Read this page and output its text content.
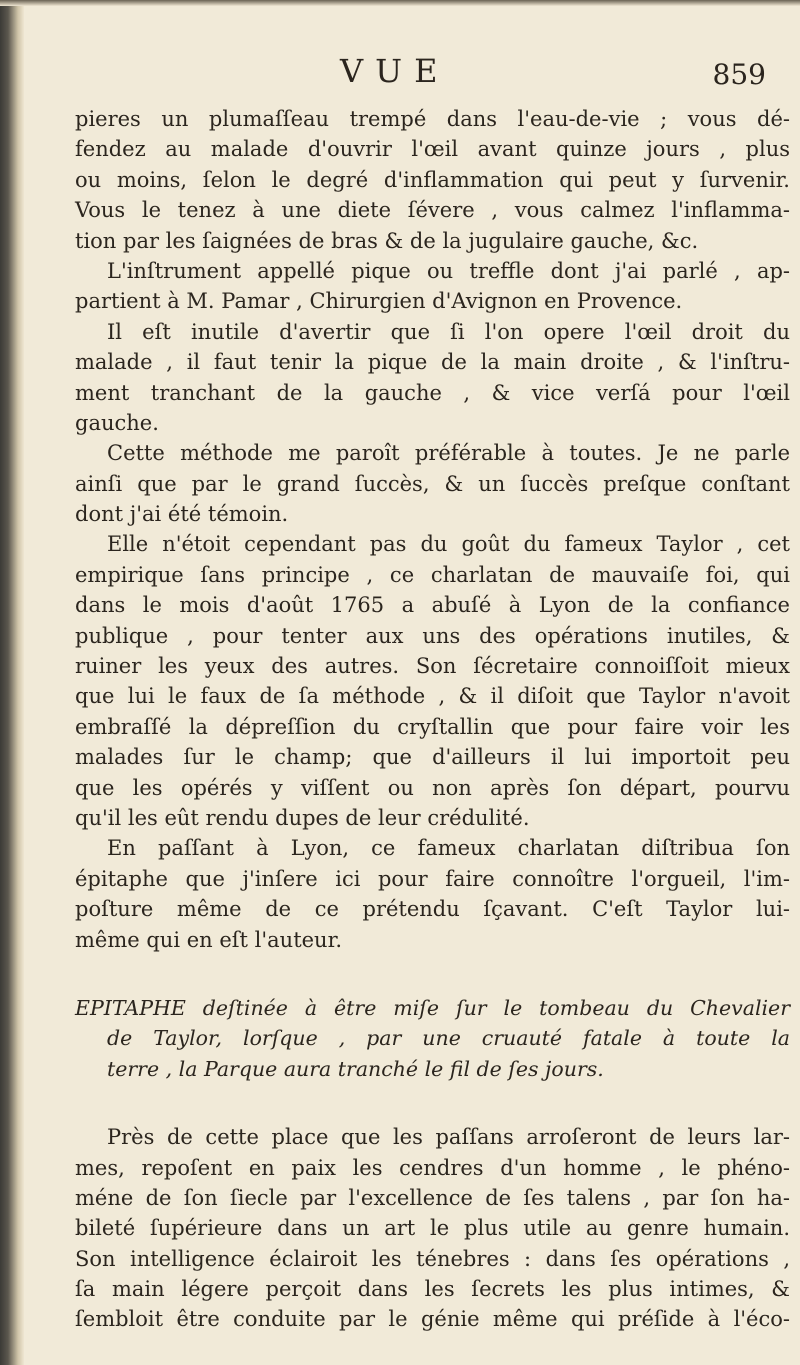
VUE	859
pieres un plumaſſeau trempé dans l'eau-de-vie ; vous dé-
fendez au malade d'ouvrir l'œil avant quinze jours , plus
ou moins, ſelon le degré d'inflammation qui peut y ſurvenir.
Vous le tenez à une diete ſévere , vous calmez l'inflamma-
tion par les ſaignées de bras & de la jugulaire gauche, &c.
L'inſtrument appellé pique ou treffle dont j'ai parlé , ap-
partient à M. Pamar , Chirurgien d'Avignon en Provence.
Il eſt inutile d'avertir que ſi l'on opere l'œil droit du
malade , il faut tenir la pique de la main droite , & l'inſtru-
ment tranchant de la gauche , & vice verſá pour l'œil
gauche.
Cette méthode me paroît préférable à toutes. Je ne parle
ainſi que par le grand ſuccès, & un ſuccès preſque conſtant
dont j'ai été témoin.
Elle n'étoit cependant pas du goût du fameux Taylor , cet
empirique ſans principe , ce charlatan de mauvaiſe foi, qui
dans le mois d'août 1765 a abuſé à Lyon de la confiance
publique , pour tenter aux uns des opérations inutiles, &
ruiner les yeux des autres. Son ſécretaire connoiſſoit mieux
que lui le faux de ſa méthode , & il diſoit que Taylor n'avoit
embraſſé la dépreſſion du cryſtallin que pour faire voir les
malades ſur le champ; que d'ailleurs il lui importoit peu
que les opérés y viſſent ou non après ſon départ, pourvu
qu'il les eût rendu dupes de leur crédulité.
En paſſant à Lyon, ce fameux charlatan diſtribua ſon
épitaphe que j'inſere ici pour faire connoître l'orgueil, l'im-
poſture même de ce prétendu ſçavant. C'eſt Taylor lui-
même qui en eſt l'auteur.
EPITAPHE deſtinée à être miſe ſur le tombeau du Chevalier
de Taylor, lorſque , par une cruauté fatale à toute la
terre , la Parque aura tranché le fil de ſes jours.
Près de cette place que les paſſans arroſeront de leurs lar-
mes, repoſent en paix les cendres d'un homme , le phéno-
méne de ſon ſiecle par l'excellence de ſes talens , par ſon ha-
bileté ſupérieure dans un art le plus utile au genre humain.
Son intelligence éclairoit les ténebres : dans ſes opérations ,
ſa main légere perçoit dans les ſecrets les plus intimes, &
ſembloit être conduite par le génie même qui préſide à l'éco-
